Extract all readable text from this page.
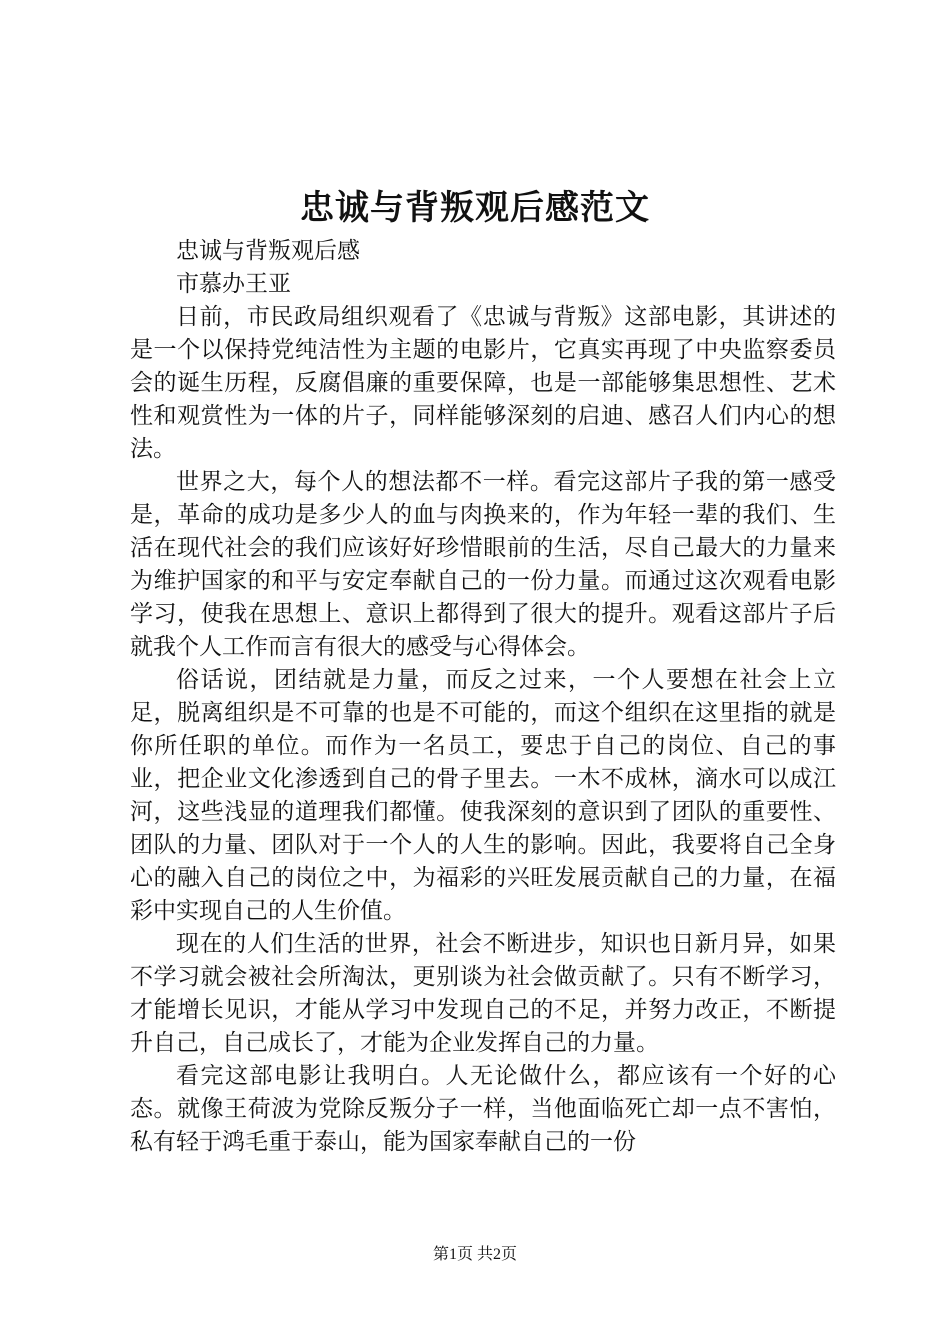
忠诚与背叛观后感范文

忠诚与背叛观后感

市慕办王亚

日前，市民政局组织观看了《忠诚与背叛》这部电影，其讲述的是一个以保持党纯洁性为主题的电影片，它真实再现了中央监察委员会的诞生历程，反腐倡廉的重要保障，也是一部能够集思想性、艺术性和观赏性为一体的片子，同样能够深刻的启迪、感召人们内心的想法。

世界之大，每个人的想法都不一样。看完这部片子我的第一感受是，革命的成功是多少人的血与肉换来的，作为年轻一辈的我们、生活在现代社会的我们应该好好珍惜眼前的生活，尽自己最大的力量来为维护国家的和平与安定奉献自己的一份力量。而通过这次观看电影学习，使我在思想上、意识上都得到了很大的提升。观看这部片子后就我个人工作而言有很大的感受与心得体会。

俗话说，团结就是力量，而反之过来，一个人要想在社会上立足，脱离组织是不可靠的也是不可能的，而这个组织在这里指的就是你所任职的单位。而作为一名员工，要忠于自己的岗位、自己的事业，把企业文化渗透到自己的骨子里去。一木不成林，滴水可以成江河，这些浅显的道理我们都懂。使我深刻的意识到了团队的重要性、团队的力量、团队对于一个人的人生的影响。因此，我要将自己全身心的融入自己的岗位之中，为福彩的兴旺发展贡献自己的力量，在福彩中实现自己的人生价值。

现在的人们生活的世界，社会不断进步，知识也日新月异，如果不学习就会被社会所淘汰，更别谈为社会做贡献了。只有不断学习，才能增长见识，才能从学习中发现自己的不足，并努力改正，不断提升自己，自己成长了，才能为企业发挥自己的力量。

看完这部电影让我明白。人无论做什么，都应该有一个好的心态。就像王荷波为党除反叛分子一样，当他面临死亡却一点不害怕，私有轻于鸿毛重于泰山，能为国家奉献自己的一份

第1页 共2页
